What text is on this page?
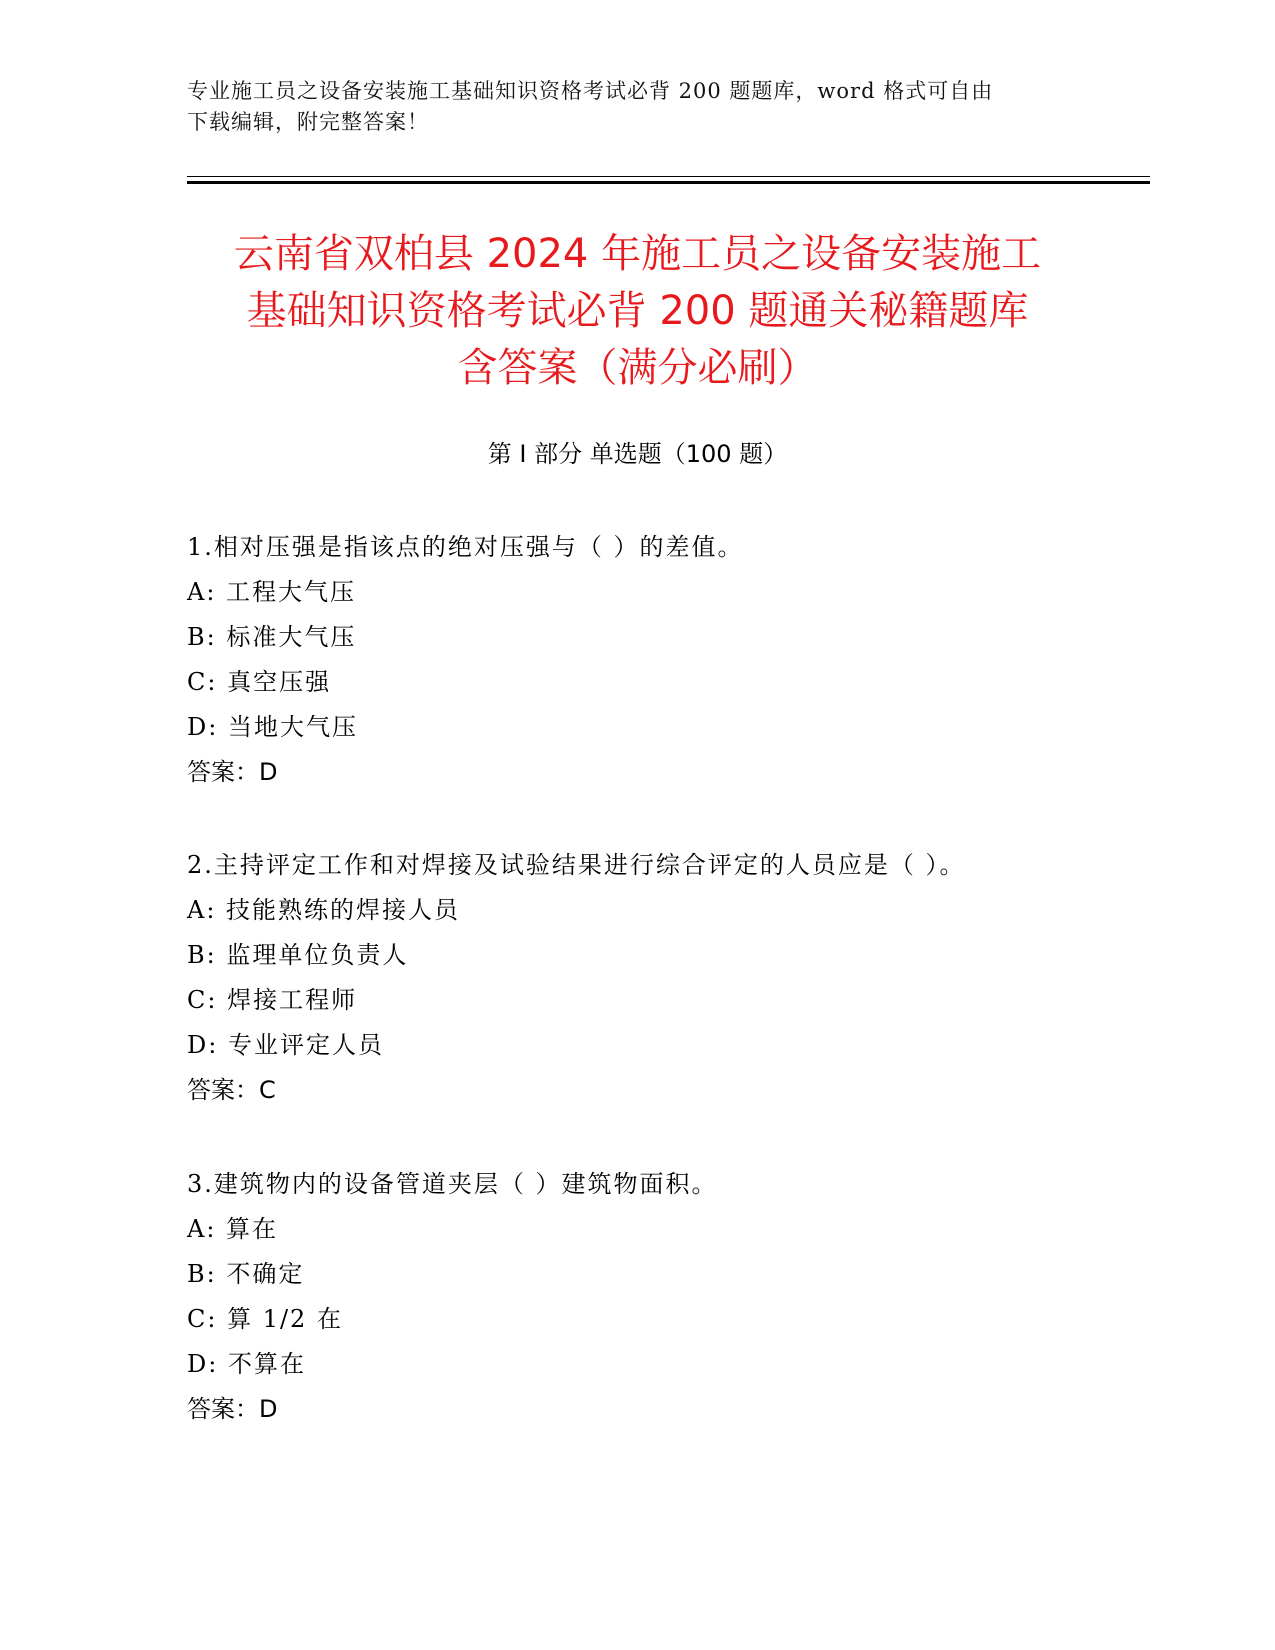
专业施工员之设备安装施工基础知识资格考试必背 200 题题库，word 格式可自由
下载编辑，附完整答案！
云南省双柏县 2024 年施工员之设备安装施工
基础知识资格考试必背 200 题通关秘籍题库
含答案（满分必刷）
第 I 部分 单选题（100 题）
1.相对压强是指该点的绝对压强与（ ）的差值。
A: 工程大气压
B: 标准大气压
C: 真空压强
D: 当地大气压
答案：D
2.主持评定工作和对焊接及试验结果进行综合评定的人员应是（ ）。
A: 技能熟练的焊接人员
B: 监理单位负责人
C: 焊接工程师
D: 专业评定人员
答案：C
3.建筑物内的设备管道夹层（ ）建筑物面积。
A: 算在
B: 不确定
C: 算 1/2 在
D: 不算在
答案：D
